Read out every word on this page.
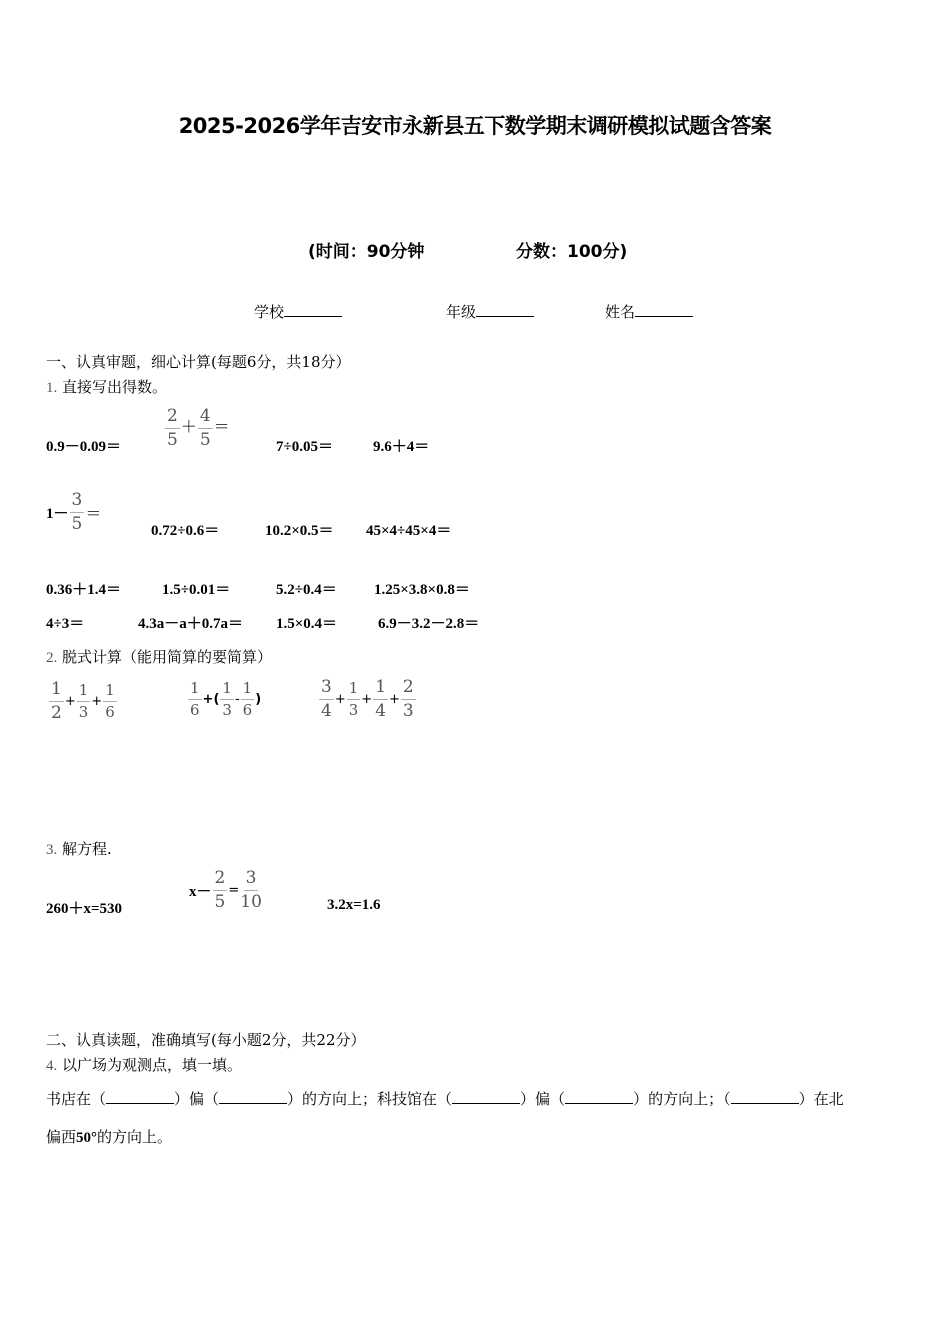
2025-2026学年吉安市永新县五下数学期末调研模拟试题含答案
(时间：90分钟	分数：100分)
学校	年级	姓名
一、认真审题，细心计算(每题6分，共18分）
1. 直接写出得数。
0.9－0.09＝	$\frac{2}{5} + \frac{4}{5}$ ＝
7÷0.05＝	9.6＋4＝
$1- \frac{3}{5}$ ＝
0.72÷0.6＝	10.2×0.5＝ 45×4÷45×4＝
0.36＋1.4＝	1.5÷0.01＝	5.2÷0.4＝ 1.25×3.8×0.8＝
4÷3＝	4.3a－a＋0.7a＝ 1.5×0.4＝	6.9－3.2－2.8＝
2. 脱式计算（能用简算的要简算）
$\frac{1}{2} + \frac{1}{3} + \frac{1}{6}$	$\frac{1}{6}$ +( $\frac{1}{3} - \frac{1}{6}$ )	$\frac{3}{4} + \frac{1}{3} + \frac{1}{4} + \frac{2}{3}$
3. 解方程.
260＋x=530
$x- \frac{2}{5} = \frac{3}{10}$	3.2x=1.6
二、认真读题，准确填写(每小题2分，共22分）
4. 以广场为观测点，填一填。
书店在（	）偏（	）的方向上；科技馆在（	）偏（	）的方向上；（	）在北
偏西50°的方向上。
